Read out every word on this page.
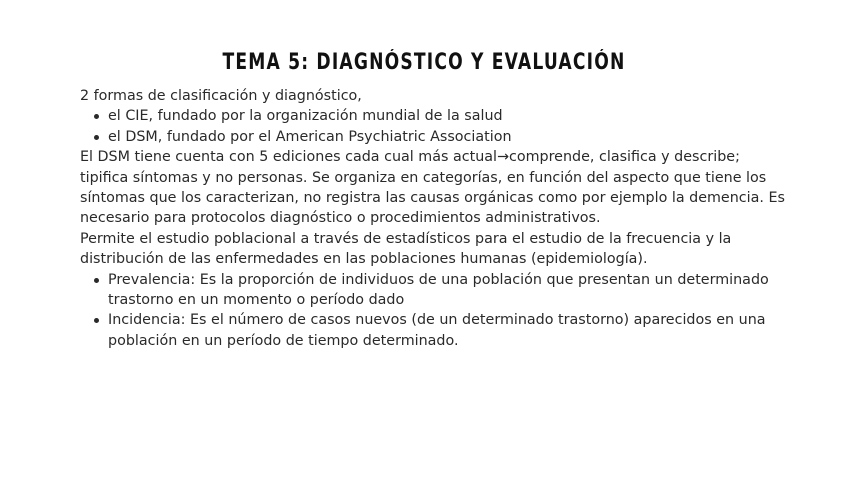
TEMA 5: DIAGNÓSTICO Y EVALUACIÓN

2 formas de clasificación y diagnóstico,

el CIE, fundado por la organización mundial de la salud
el DSM, fundado por el American Psychiatric Association

El DSM tiene cuenta con 5 ediciones cada cual más actual→comprende, clasifica y describe; tipifica síntomas y no personas. Se organiza en categorías, en función del aspecto que tiene los síntomas que los caracterizan, no registra las causas orgánicas como por ejemplo la demencia. Es necesario para protocolos diagnóstico o procedimientos administrativos.

Permite el estudio poblacional a través de estadísticos para el estudio de la frecuencia y la distribución de las enfermedades en las poblaciones humanas (epidemiología).

Prevalencia: Es la proporción de individuos de una población que presentan un determinado trastorno en un momento o período dado
Incidencia: Es el número de casos nuevos (de un determinado trastorno) aparecidos en una población en un período de tiempo determinado.
